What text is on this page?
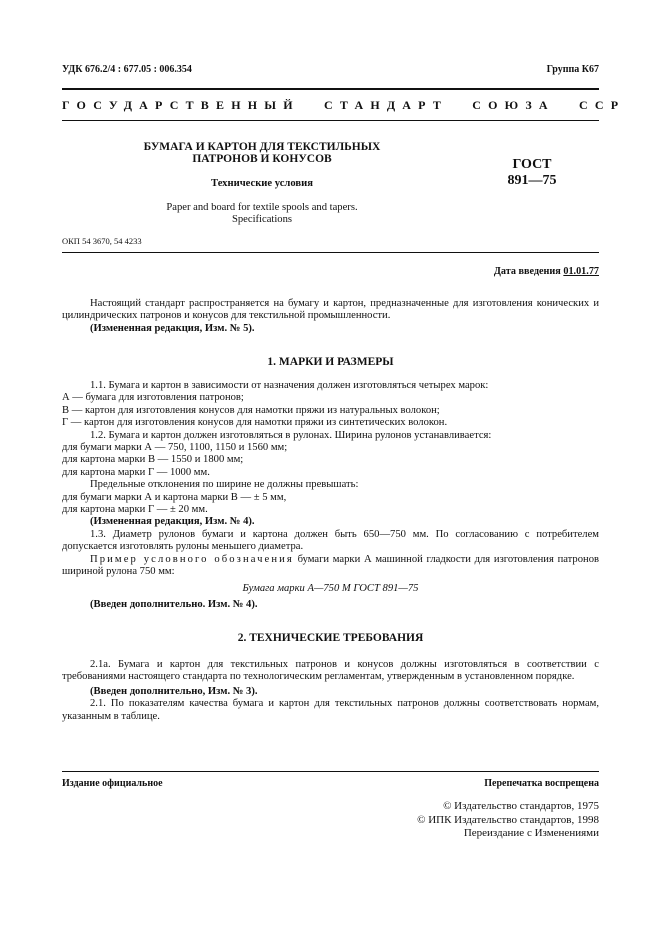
УДК 676.2/4 : 677.05 : 006.354	Группа К67
ГОСУДАРСТВЕННЫЙ СТАНДАРТ СОЮЗА ССР
БУМАГА И КАРТОН ДЛЯ ТЕКСТИЛЬНЫХ
ПАТРОНОВ И КОНУСОВ
Технические условия
Paper and board for textile spools and tapers.
Specifications
ГОСТ
891—75
ОКП 54 3670, 54 4233
Дата введения 01.01.77

Настоящий стандарт распространяется на бумагу и картон, предназначенные для изготовления конических и цилиндрических патронов и конусов для текстильной промышленности.

(Измененная редакция, Изм. № 5).

1. МАРКИ И РАЗМЕРЫ

1.1. Бумага и картон в зависимости от назначения должен изготовляться четырех марок:

А — бумага для изготовления патронов;

В — картон для изготовления конусов для намотки пряжи из натуральных волокон;

Г — картон для изготовления конусов для намотки пряжи из синтетических волокон.

1.2. Бумага и картон должен изготовляться в рулонах. Ширина рулонов устанавливается:

для бумаги марки А — 750, 1100, 1150 и 1560 мм;

для картона марки В — 1550 и 1800 мм;

для картона марки Г — 1000 мм.

Предельные отклонения по ширине не должны превышать:

для бумаги марки А и картона марки В — ± 5 мм,

для картона марки Г — ± 20 мм.

(Измененная редакция, Изм. № 4).

1.3. Диаметр рулонов бумаги и картона должен быть 650—750 мм. По согласованию с потребителем допускается изготовлять рулоны меньшего диаметра.

Пример условного обозначения бумаги марки А машинной гладкости для изготовления патронов шириной рулона 750 мм:

Бумага марки А—750 М ГОСТ 891—75

(Введен дополнительно. Изм. № 4).

2. ТЕХНИЧЕСКИЕ ТРЕБОВАНИЯ

2.1а. Бумага и картон для текстильных патронов и конусов должны изготовляться в соответствии с требованиями настоящего стандарта по технологическим регламентам, утвержденным в установленном порядке.

(Введен дополнительно, Изм. № 3).

2.1. По показателям качества бумага и картон для текстильных патронов должны соответствовать нормам, указанным в таблице.

Издание официальное	Перепечатка воспрещена
© Издательство стандартов, 1975
© ИПК Издательство стандартов, 1998
Переиздание с Изменениями
